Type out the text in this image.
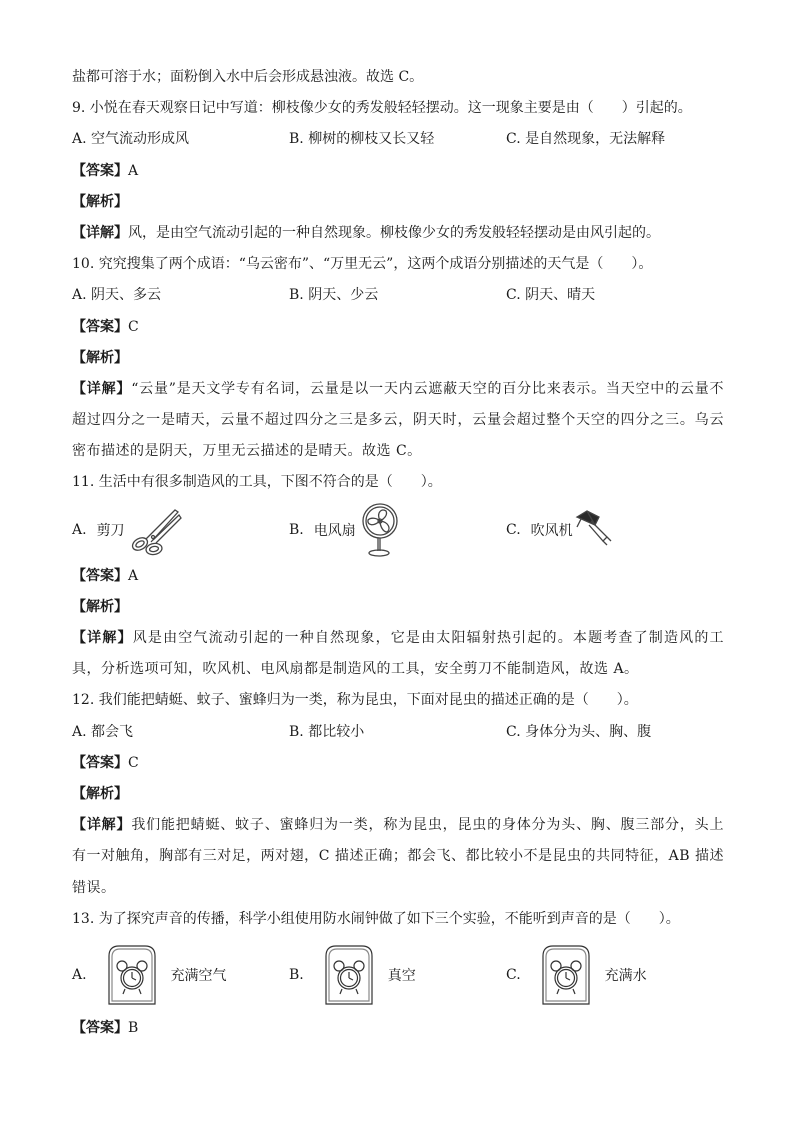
盐都可溶于水；面粉倒入水中后会形成悬浊液。故选 C。
9. 小悦在春天观察日记中写道：柳枝像少女的秀发般轻轻摆动。这一现象主要是由（　　）引起的。
A. 空气流动形成风	B. 柳树的柳枝又长又轻	C. 是自然现象，无法解释
【答案】A
【解析】
【详解】风，是由空气流动引起的一种自然现象。柳枝像少女的秀发般轻轻摆动是由风引起的。
10. 究究搜集了两个成语：“乌云密布”、“万里无云”，这两个成语分别描述的天气是（　　）。
A. 阴天、多云	B. 阴天、少云	C. 阴天、晴天
【答案】C
【解析】
【详解】“云量”是天文学专有名词，云量是以一天内云遮蔽天空的百分比来表示。当天空中的云量不超过四分之一是晴天，云量不超过四分之三是多云，阴天时，云量会超过整个天空的四分之三。乌云密布描述的是阴天，万里无云描述的是晴天。故选 C。
11. 生活中有很多制造风的工具，下图不符合的是（　　）。
A. 剪刀	B. 电风扇	C. 吹风机
【答案】A
【解析】
【详解】风是由空气流动引起的一种自然现象，它是由太阳辐射热引起的。本题考查了制造风的工具，分析选项可知，吹风机、电风扇都是制造风的工具，安全剪刀不能制造风，故选 A。
12. 我们能把蜻蜓、蚊子、蜜蜂归为一类，称为昆虫，下面对昆虫的描述正确的是（　　）。
A. 都会飞	B. 都比较小	C. 身体分为头、胸、腹
【答案】C
【解析】
【详解】我们能把蜻蜓、蚊子、蜜蜂归为一类，称为昆虫，昆虫的身体分为头、胸、腹三部分，头上有一对触角，胸部有三对足，两对翅，C 描述正确；都会飞、都比较小不是昆虫的共同特征，AB 描述错误。
13. 为了探究声音的传播，科学小组使用防水闹钟做了如下三个实验，不能听到声音的是（　　）。
A.	充满空气	B.	真空	C.	充满水
【答案】B
